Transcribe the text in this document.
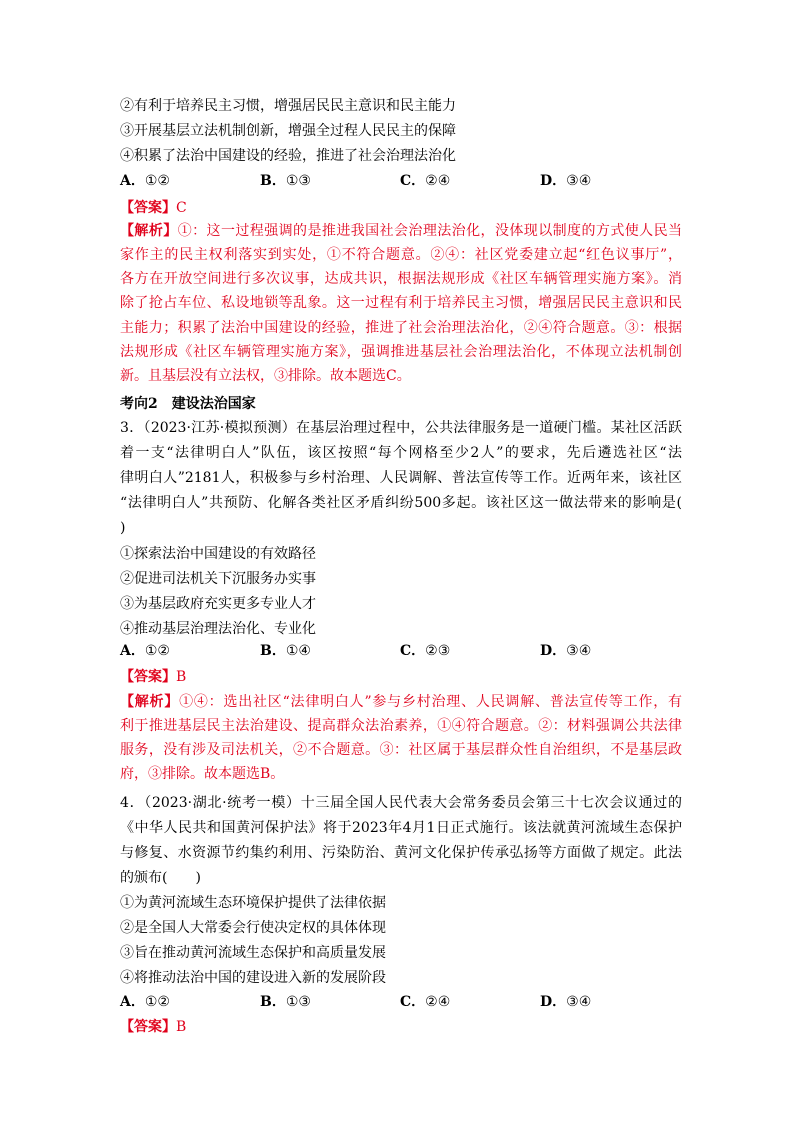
②有利于培养民主习惯，增强居民民主意识和民主能力
③开展基层立法机制创新，增强全过程人民民主的保障
④积累了法治中国建设的经验，推进了社会治理法治化
A．①②	B．①③	C．②④	D．③④
【答案】C
【解析】①：这一过程强调的是推进我国社会治理法治化，没体现以制度的方式使人民当
家作主的民主权利落实到实处，①不符合题意。②④：社区党委建立起“红色议事厅”，
各方在开放空间进行多次议事，达成共识，根据法规形成《社区车辆管理实施方案》。消
除了抢占车位、私设地锁等乱象。这一过程有利于培养民主习惯，增强居民民主意识和民
主能力；积累了法治中国建设的经验，推进了社会治理法治化，②④符合题意。③：根据
法规形成《社区车辆管理实施方案》，强调推进基层社会治理法治化，不体现立法机制创
新。且基层没有立法权，③排除。故本题选C。
考向2　建设法治国家
3．（2023·江苏·模拟预测）在基层治理过程中，公共法律服务是一道硬门槛。某社区活跃
着一支“法律明白人”队伍，该区按照“每个网格至少2人”的要求，先后遴选社区“法
律明白人”2181人，积极参与乡村治理、人民调解、普法宣传等工作。近两年来，该社区
“法律明白人”共预防、化解各类社区矛盾纠纷500多起。该社区这一做法带来的影响是(
)
①探索法治中国建设的有效路径
②促进司法机关下沉服务办实事
③为基层政府充实更多专业人才
④推动基层治理法治化、专业化
A．①②	B．①④	C．②③	D．③④
【答案】B
【解析】①④：选出社区“法律明白人”参与乡村治理、人民调解、普法宣传等工作，有
利于推进基层民主法治建设、提高群众法治素养，①④符合题意。②：材料强调公共法律
服务，没有涉及司法机关，②不合题意。③：社区属于基层群众性自治组织，不是基层政
府，③排除。故本题选B。
4．（2023·湖北·统考一模）十三届全国人民代表大会常务委员会第三十七次会议通过的
《中华人民共和国黄河保护法》将于2023年4月1日正式施行。该法就黄河流域生态保护
与修复、水资源节约集约利用、污染防治、黄河文化保护传承弘扬等方面做了规定。此法
的颁布(　　)
①为黄河流域生态环境保护提供了法律依据
②是全国人大常委会行使决定权的具体体现
③旨在推动黄河流域生态保护和高质量发展
④将推动法治中国的建设进入新的发展阶段
A．①②	B．①③	C．②④	D．③④
【答案】B
